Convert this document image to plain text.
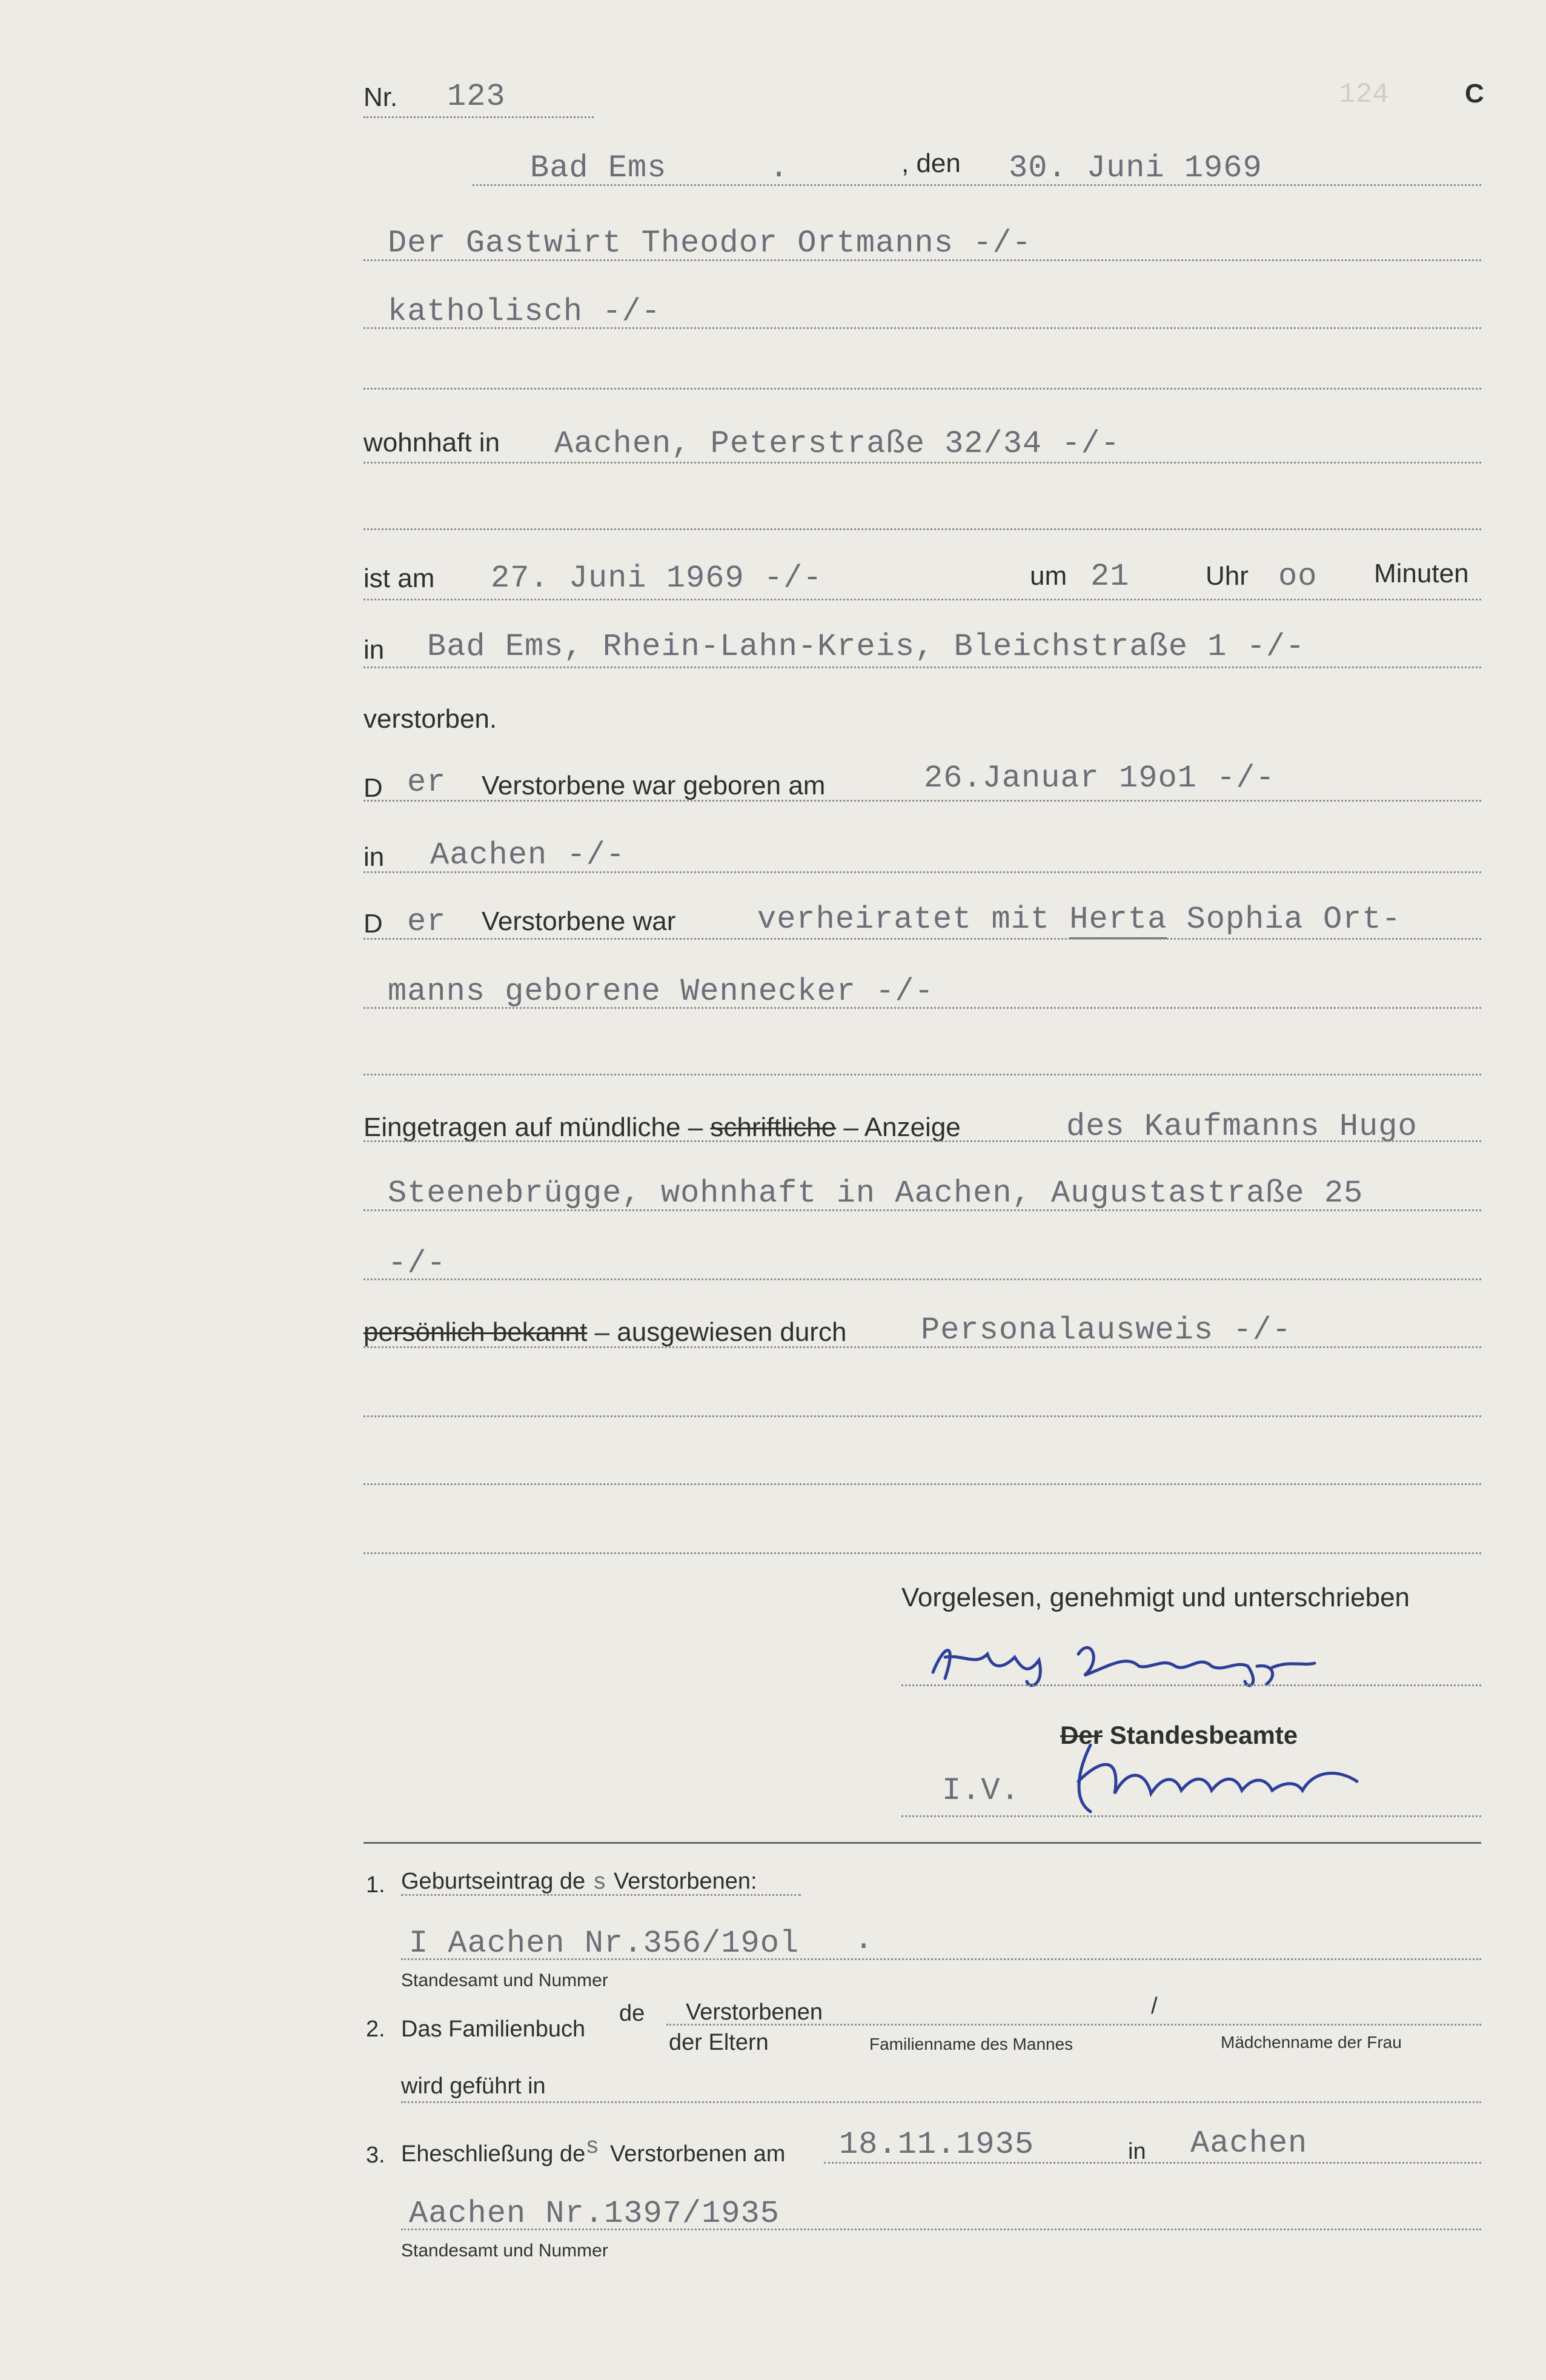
124
Nr. 123	C
Bad Ems	.	, den 30. Juni 1969
Der Gastwirt Theodor Ortmanns -/-
katholisch -/-
wohnhaft in Aachen, Peterstraße 32/34 -/-
ist am 27. Juni 1969 -/-	um 21	Uhr oo Minuten
in Bad Ems, Rhein-Lahn-Kreis, Bleichstraße 1 -/-
verstorben.
D er Verstorbene war geboren am	26.Januar 19o1 -/-
in Aachen -/-
D er Verstorbene war	verheiratet mit Herta Sophia Ort-
manns geborene Wennecker -/-
Eingetragen auf mündliche – schriftliche – Anzeige	des Kaufmanns Hugo
Steenebrügge, wohnhaft in Aachen, Augustastraße 25
-/-
persönlich bekannt – ausgewiesen durch Personalausweis -/-
Vorgelesen, genehmigt und unterschrieben
Der Standesbeamte
I.V.
1. Geburtseintrag de s Verstorbenen:
I Aachen Nr.356/19ol .
Standesamt und Nummer
2. Das Familienbuch
de Verstorbenen
der Eltern
/
Familienname des Mannes	Mädchenname der Frau
wird geführt in
3. Eheschließung des Verstorbenen am 18.11.1935	in Aachen
Aachen Nr.1397/1935
Standesamt und Nummer
